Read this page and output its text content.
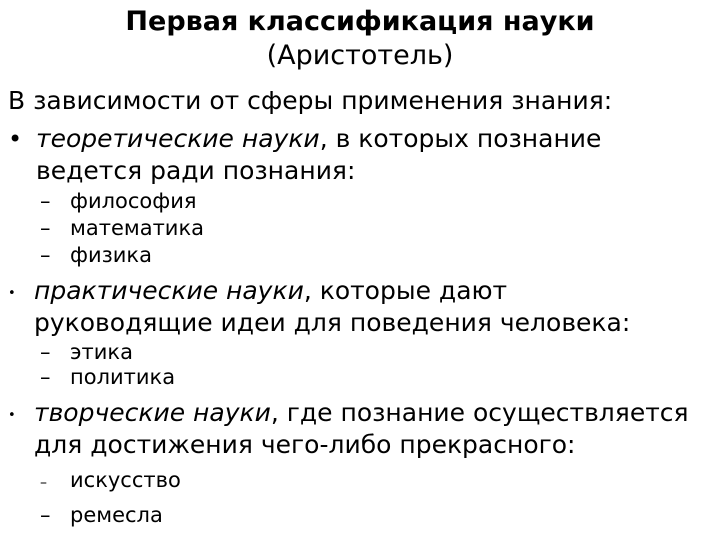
Первая классификация науки
(Аристотель)
В зависимости от сферы применения знания:
• теоретические науки, в которых познание
ведется ради познания:
– философия
– математика
– физика
• практические науки, которые дают
руководящие идеи для поведения человека:
– этика
– политика
• творческие науки, где познание осуществляется
для достижения чего-либо прекрасного:
– искусство
– ремесла
